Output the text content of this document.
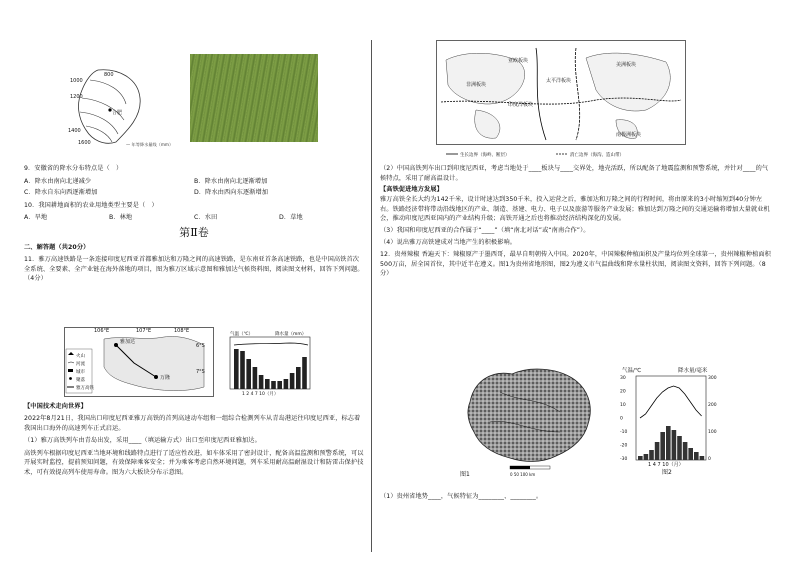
800
1000
1200
1400
1600
合肥
— 年等降水量线（mm）
9．安徽省的降水分布特点是（　）
A．降水由南向北递减少	B．降水由南向北逐渐增加
C．降水自东向西逐渐增加	D．降水由西向东逐渐增加
10．我国耕地面积的农业用地类型主要是（　）
A．旱地	B．林地	C．水田	D．草地
第Ⅱ卷
二、解答题（共20分）
11．雅万高速铁路是一条连接印度尼西亚首都雅加达和万隆之间的高速铁路，是东南亚首条高速铁路，也是中国高铁首次全系统、全要素、全产业链在海外落地的项目，图为雅万区域示意图和雅加达气候资料图，阅读图文材料，回答下列问题。（4分）
106°E	107°E	108°E
6°S
7°S
雅加达
万隆
火山
河流
城市
聚落
雅万高铁
气温（℃）	降水量（mm）
1 2 4 7 10（月）
【中国技术走向世界】
2022年8月21日，我国出口印度尼西亚雅万高铁的首列高速动车组和一组综合检测列车从青岛港运往印度尼西亚，标志着我国出口海外的高速列车正式启运。
（1）雅万高铁列车由青岛出发，采用____（填运输方式）出口至印度尼西亚雅加达。
高铁列车根据印度尼西亚当地环境和线路特点进行了适应性改进，如车体采用了密封设计，配备高温监测和预警系统，可以开展实时监控，提前预知问题，有效保障乘客安全；并为乘客考虑自然环境问题，列车采用耐高温耐湿设计和防雷击保护技术，可有效提高列车使用寿命。图为六大板块分布示意图。
亚欧板块
美洲板块
非洲板块
印度洋板块
太平洋板块
南极洲板块
生长边界（海岭、断层）	消亡边界（海沟、造山带）
（2）中国高铁列车出口到印度尼西亚，考虑当地处于____板块与____交界处，地壳活跃，所以配备了地震监测和预警系统，并针对____的气候特点，采用了耐高温设计。
【高铁促进地方发展】
雅万高铁全长大约为142千米，设计时速达到350千米，投入运营之后，雅加达和万隆之间的行程时间，将由原来的3小时缩短到40分钟左右。铁路经济带将带动沿线地区的产业、制造、基建、电力、电子以及旅游等服务产业发展；雅加达到万隆之间的交通运输将增加大量就业机会，推动印度尼西亚国内的产业结构升级；高铁开通之后也将推动经济结构深化的发展。
（3）我国和印度尼西亚的合作属于“____”（填“南北对话”或“南南合作”）。
（4）说出雅万高铁建成对当地产生的积极影响。
12．贵州辣椒 香遍天下：辣椒原产于墨西哥，最早自明朝传入中国。2020年，中国辣椒种植面积及产量均位列全球第一，贵州辣椒种植面积500万亩，居全国首位，其中近半在遵义。图1为贵州省地形图，图2为遵义市气温曲线和降水量柱状图，阅读图文资料，回答下列问题。（8分）
图1	0 50 100 km
气温/℃	降水量/毫米
30
20
10
0
-10
-20
-30
300
200
100
0
1 4 7 10（月）
图2
（1）贵州省地势____，气候特征为________、________。
